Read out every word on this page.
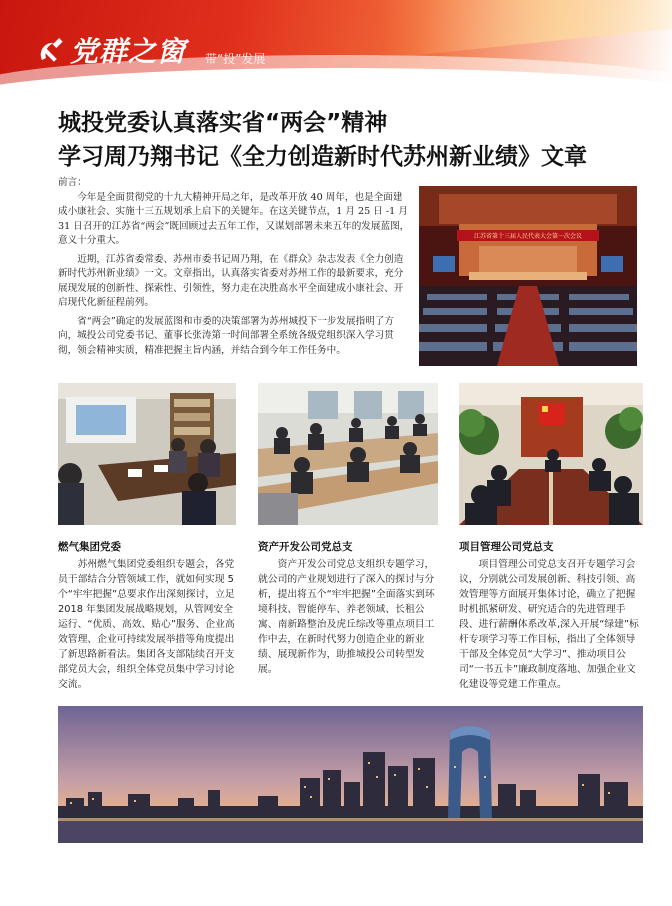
党群之窗 带“投”发展
城投党委认真落实省“两会”精神
学习周乃翔书记《全力创造新时代苏州新业绩》文章
前言：

今年是全面贯彻党的十九大精神开局之年，是改革开放 40 周年，也是全面建成小康社会、实施十三五规划承上启下的关键年。在这关键节点，1 月 25 日 -1 月 31 日召开的江苏省“两会”既回顾过去五年工作，又谋划部署未来五年的发展蓝图，意义十分重大。

近期，江苏省委常委、苏州市委书记周乃翔，在《群众》杂志发表《全力创造新时代苏州新业绩》一文。文章指出，认真落实省委对苏州工作的最新要求，充分展现发展的创新性、探索性、引领性，努力走在决胜高水平全面建成小康社会、开启现代化新征程前列。

省“两会”确定的发展蓝图和市委的决策部署为苏州城投下一步发展指明了方向，城投公司党委书记、董事长张涛第一时间部署全系统各级党组织深入学习贯彻，领会精神实质，精准把握主旨内涵，并结合到今年工作任务中。

江苏省第十三届人民代表大会第一次会议
燃气集团党委

苏州燃气集团党委组织专题会，各党员干部结合分管领域工作，就如何实现 5 个“牢牢把握”总要求作出深刻探讨，立足 2018 年集团发展战略规划，从管网安全运行、“优质、高效、贴心”服务、企业高效管理、企业可持续发展举措等角度提出了新思路新看法。集团各支部陆续召开支部党员大会，组织全体党员集中学习讨论交流。

资产开发公司党总支

资产开发公司党总支组织专题学习，就公司的产业规划进行了深入的探讨与分析，提出将五个“牢牢把握”全面落实到环境科技、智能停车、养老领域、长租公寓、南新路整治及虎丘综改等重点项目工作中去，在新时代努力创造企业的新业绩、展现新作为，助推城投公司转型发展。

项目管理公司党总支

项目管理公司党总支召开专题学习会议，分别就公司发展创新、科技引领、高效管理等方面展开集体讨论，确立了把握时机抓紧研发、研究适合的先进管理手段、进行薪酬体系改革,深入开展“绿建”标杆专项学习等工作目标，指出了全体领导干部及全体党员“大学习”、推动项目公司“一书五卡”廉政制度落地、加强企业文化建设等党建工作重点。
